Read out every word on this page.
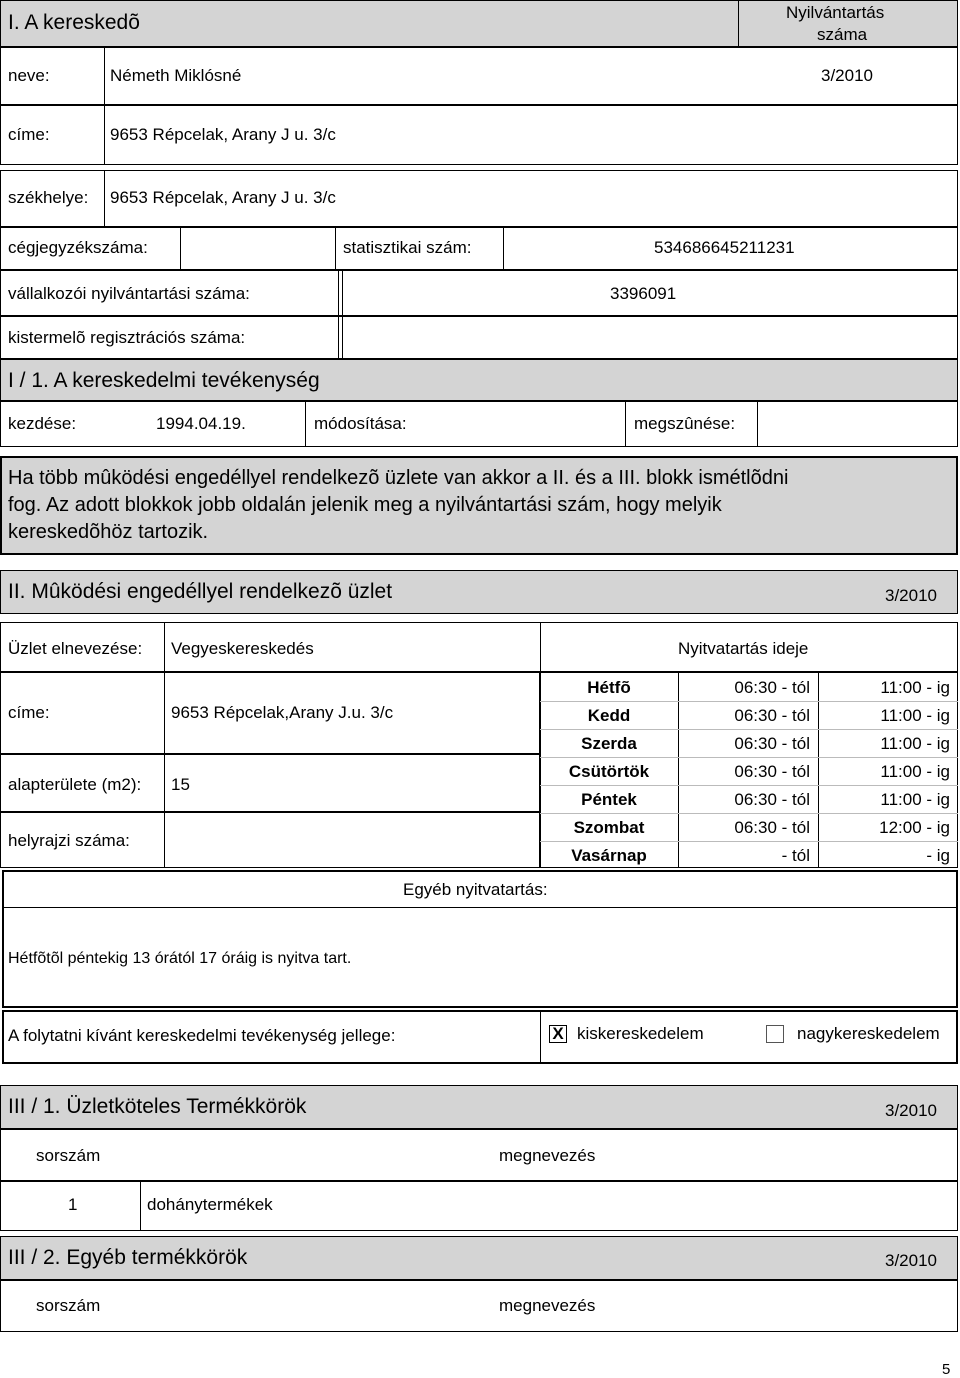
I. A kereskedõ	Nyilvántartás
száma
neve:	Németh Miklósné	3/2010
címe:	9653 Répcelak, Arany J u. 3/c
székhelye: 9653 Répcelak, Arany J u. 3/c
cégjegyzékszáma:	statisztikai szám:	534686645211231
vállalkozói nyilvántartási száma:	3396091
kistermelõ regisztrációs száma:
I / 1. A kereskedelmi tevékenység
kezdése:	1994.04.19.	módosítása:	megszûnése:
Ha több mûködési engedéllyel rendelkezõ üzlete van akkor a II. és a III. blokk ismétlõdni
fog. Az adott blokkok jobb oldalán jelenik meg a nyilvántartási szám, hogy melyik
kereskedõhöz tartozik.
II. Mûködési engedéllyel rendelkezõ üzlet	3/2010
Üzlet elnevezése: Vegyeskereskedés	Nyitvatartás ideje
címe:	9653 Répcelak,Arany J.u. 3/c
alapterülete (m2): 15
helyrajzi száma:
Hétfõ	06:30 - tól	11:00 - ig
Kedd	06:30 - tól	11:00 - ig
Szerda	06:30 - tól	11:00 - ig
Csütörtök	06:30 - tól	11:00 - ig
Péntek	06:30 - tól	11:00 - ig
Szombat	06:30 - tól	12:00 - ig
Vasárnap	- tól	- ig
Egyéb nyitvatartás:
Hétfõtõl péntekig 13 órától 17 óráig is nyitva tart.
A folytatni kívánt kereskedelmi tevékenység jellege:	X kiskereskedelem	nagykereskedelem
III / 1. Üzletköteles Termékkörök	3/2010
sorszám	megnevezés
1	dohánytermékek
III / 2. Egyéb termékkörök	3/2010
sorszám	megnevezés
5
